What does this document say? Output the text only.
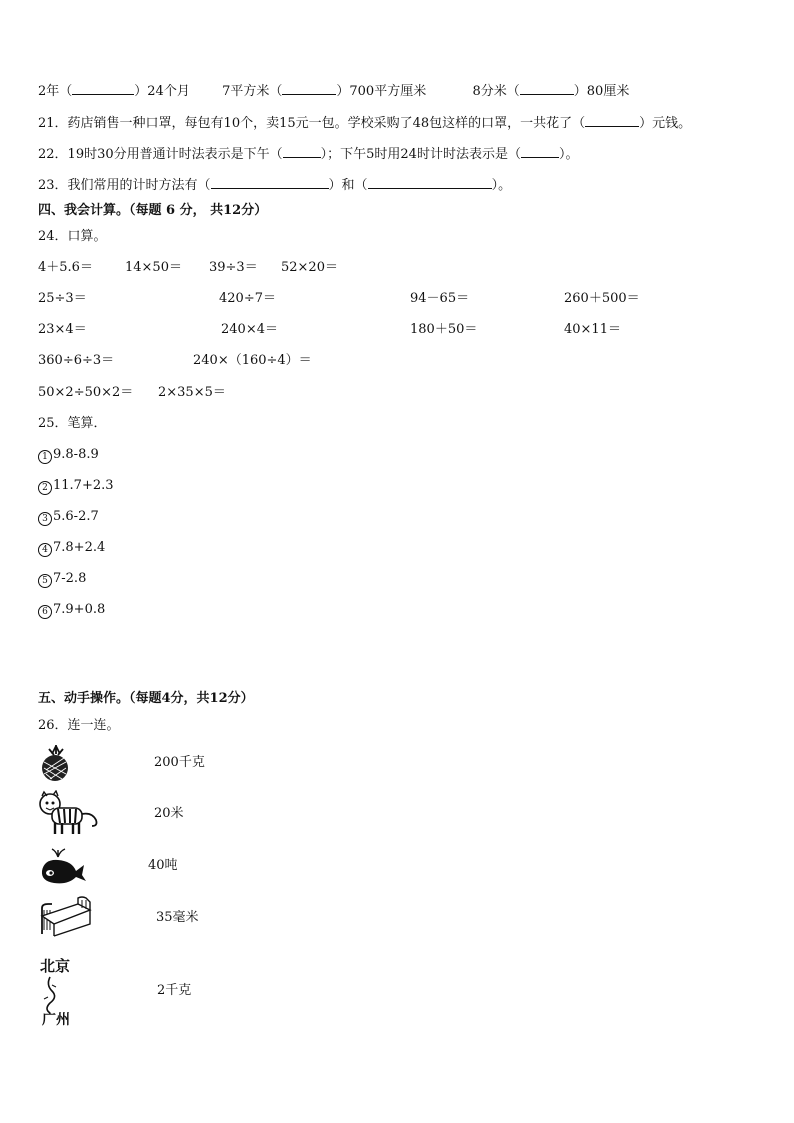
2年（	）24个月 7平方米（	）700平方厘米	8分米（	）80厘米
21．药店销售一种口罩，每包有10个，卖15元一包。学校采购了48包这样的口罩，一共花了（	）元钱。
22．19时30分用普通计时法表示是下午（	）；下午5时用24时计时法表示是（	）。
23．我们常用的计时方法有（	）和（	）。
四、我会计算。（每题 6 分， 共12分）
24．口算。
4＋5.6＝ 14×50＝ 39÷3＝ 52×20＝
25÷3＝	420÷7＝	94－65＝	260＋500＝
23×4＝	240×4＝	180＋50＝	40×11＝
360÷6÷3＝	240×（160÷4）＝
50×2÷50×2＝ 2×35×5＝
25．笔算．
1 9.8-8.9
2 11.7+2.3
3 5.6-2.7
4 7.8+2.4
5 7-2.8
6 7.9+0.8
五、动手操作。（每题4分，共12分）
26．连一连。
北京
广州
200千克
20米
40吨
35毫米
2千克
